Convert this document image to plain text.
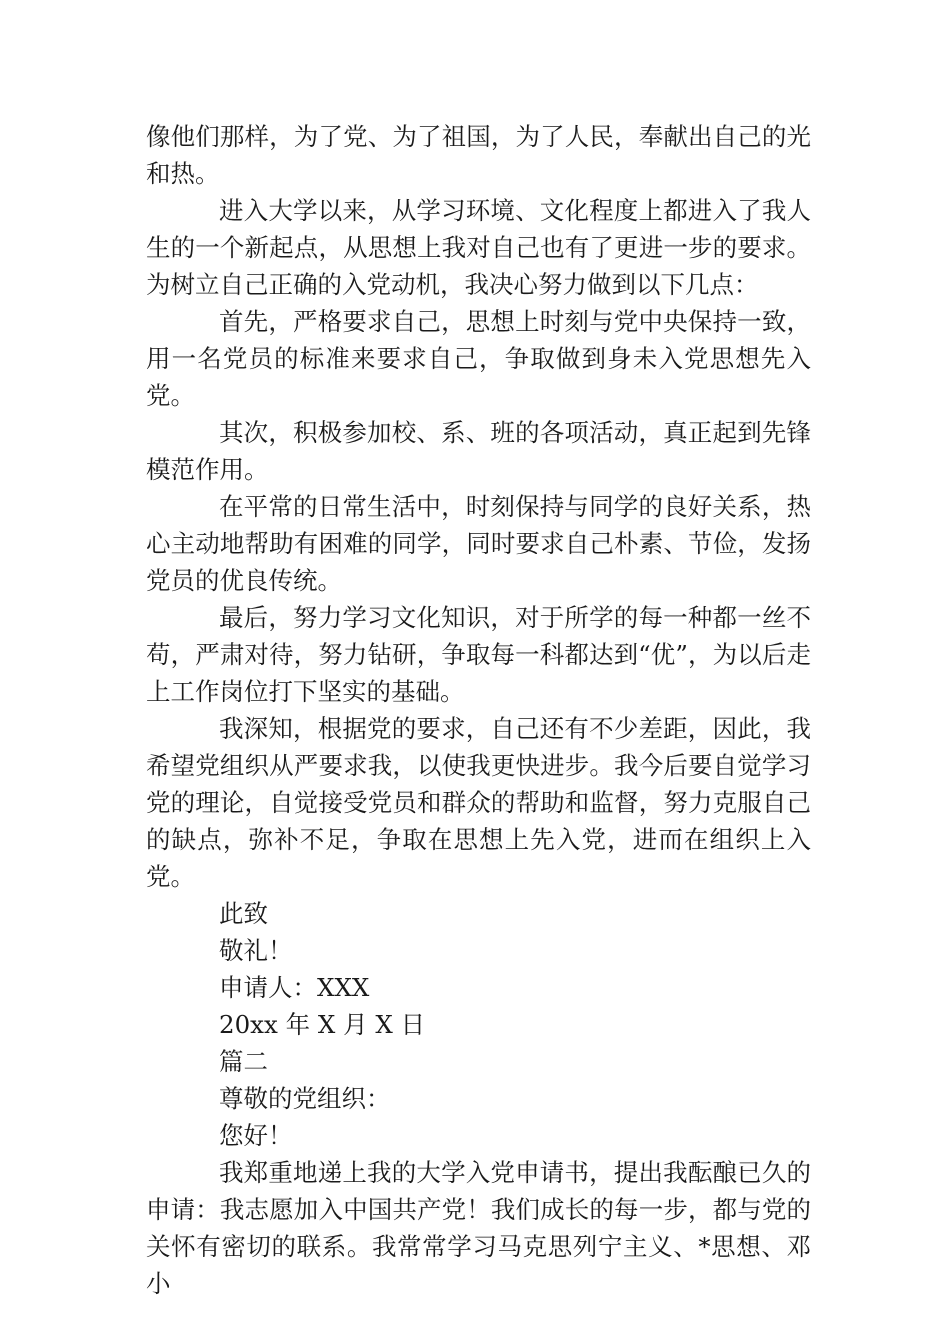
像他们那样，为了党、为了祖国，为了人民，奉献出自己的光和热。

进入大学以来，从学习环境、文化程度上都进入了我人生的一个新起点，从思想上我对自己也有了更进一步的要求。为树立自己正确的入党动机，我决心努力做到以下几点：

首先，严格要求自己，思想上时刻与党中央保持一致，用一名党员的标准来要求自己，争取做到身未入党思想先入党。

其次，积极参加校、系、班的各项活动，真正起到先锋模范作用。

在平常的日常生活中，时刻保持与同学的良好关系，热心主动地帮助有困难的同学，同时要求自己朴素、节俭，发扬党员的优良传统。

最后，努力学习文化知识，对于所学的每一种都一丝不苟，严肃对待，努力钻研，争取每一科都达到“优”，为以后走上工作岗位打下坚实的基础。

我深知，根据党的要求，自己还有不少差距，因此，我希望党组织从严要求我，以使我更快进步。我今后要自觉学习党的理论，自觉接受党员和群众的帮助和监督，努力克服自己的缺点，弥补不足，争取在思想上先入党，进而在组织上入党。

此致

敬礼！

申请人：XXX

20xx 年 X 月 X 日

篇二

尊敬的党组织：

您好！

我郑重地递上我的大学入党申请书，提出我酝酿已久的申请：我志愿加入中国共产党！我们成长的每一步，都与党的关怀有密切的联系。我常常学习马克思列宁主义、*思想、邓小
